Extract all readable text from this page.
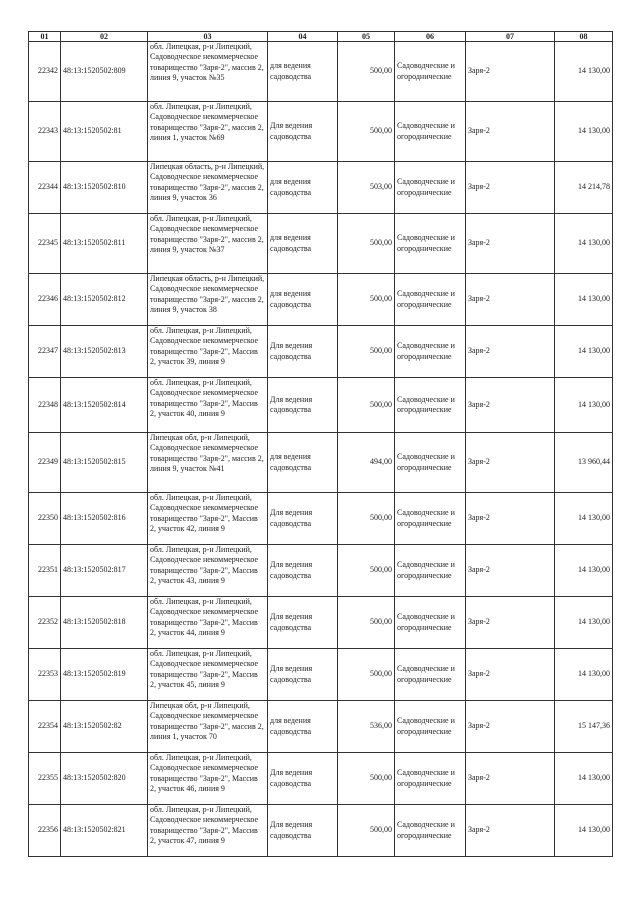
01	02	03	04	05	06	07	08
22342	48:13:1520502:809	обл. Липецкая, р-н Липецкий, Садоводческое некоммерческое товарищество "Заря-2", массив 2, линия 9, участок №35	для ведения садоводства	500,00	Садоводческие и огороднические	Заря-2	14 130,00
22343	48:13:1520502:81	обл. Липецкая, р-н Липецкий, Садоводческое некоммерческое товарищество "Заря-2", массив 2, линия 1, участок №69	Для ведения садоводства	500,00	Садоводческие и огороднические	Заря-2	14 130,00
22344	48:13:1520502:810	Липецкая область, р-н Липецкий, Садоводческое некоммерческое товарищество "Заря-2", массив 2, линия 9, участок 36	для ведения садоводства	503,00	Садоводческие и огороднические	Заря-2	14 214,78
22345	48:13:1520502:811	обл. Липецкая, р-н Липецкий, Садоводческое некоммерческое товарищество "Заря-2", массив 2, линия 9, участок №37	для ведения садоводства	500,00	Садоводческие и огороднические	Заря-2	14 130,00
22346	48:13:1520502:812	Липецкая область, р-н Липецкий, Садоводческое некоммерческое товарищество "Заря-2", массив 2, линия 9, участок 38	для ведения садоводства	500,00	Садоводческие и огороднические	Заря-2	14 130,00
22347	48:13:1520502:813	обл. Липецкая, р-н Липецкий, Садоводческое некоммерческое товарищество "Заря-2", Массив 2, участок 39, линия 9	Для ведения садоводства	500,00	Садоводческие и огороднические	Заря-2	14 130,00
22348	48:13:1520502:814	обл. Липецкая, р-н Липецкий, Садоводческое некоммерческое товарищество "Заря-2", Массив 2, участок 40, линия 9	Для ведения садоводства	500,00	Садоводческие и огороднические	Заря-2	14 130,00
22349	48:13:1520502:815	Липецкая обл, р-н Липецкий, Садоводческое некоммерческое товарищество "Заря-2", массив 2, линия 9, участок №41	для ведения садоводства	494,00	Садоводческие и огороднические	Заря-2	13 960,44
22350	48:13:1520502:816	обл. Липецкая, р-н Липецкий, Садоводческое некоммерческое товарищество "Заря-2", Массив 2, участок 42, линия 9	Для ведения садоводства	500,00	Садоводческие и огороднические	Заря-2	14 130,00
22351	48:13:1520502:817	обл. Липецкая, р-н Липецкий, Садоводческое некоммерческое товарищество "Заря-2", Массив 2, участок 43, линия 9	Для ведения садоводства	500,00	Садоводческие и огороднические	Заря-2	14 130,00
22352	48:13:1520502:818	обл. Липецкая, р-н Липецкий, Садоводческое некоммерческое товарищество "Заря-2", Массив 2, участок 44, линия 9	Для ведения садоводства	500,00	Садоводческие и огороднические	Заря-2	14 130,00
22353	48:13:1520502:819	обл. Липецкая, р-н Липецкий, Садоводческое некоммерческое товарищество "Заря-2", Массив 2, участок 45, линия 9	Для ведения садоводства	500,00	Садоводческие и огороднические	Заря-2	14 130,00
22354	48:13:1520502:82	Липецкая обл, р-н Липецкий, Садоводческое некоммерческое товарищество "Заря-2", массив 2, линия 1, участок 70	для ведения садоводства	536,00	Садоводческие и огороднические	Заря-2	15 147,36
22355	48:13:1520502:820	обл. Липецкая, р-н Липецкий, Садоводческое некоммерческое товарищество "Заря-2", Массив 2, участок 46, линия 9	Для ведения садоводства	500,00	Садоводческие и огороднические	Заря-2	14 130,00
22356	48:13:1520502:821	обл. Липецкая, р-н Липецкий, Садоводческое некоммерческое товарищество "Заря-2", Массив 2, участок 47, линия 9	Для ведения садоводства	500,00	Садоводческие и огороднические	Заря-2	14 130,00
